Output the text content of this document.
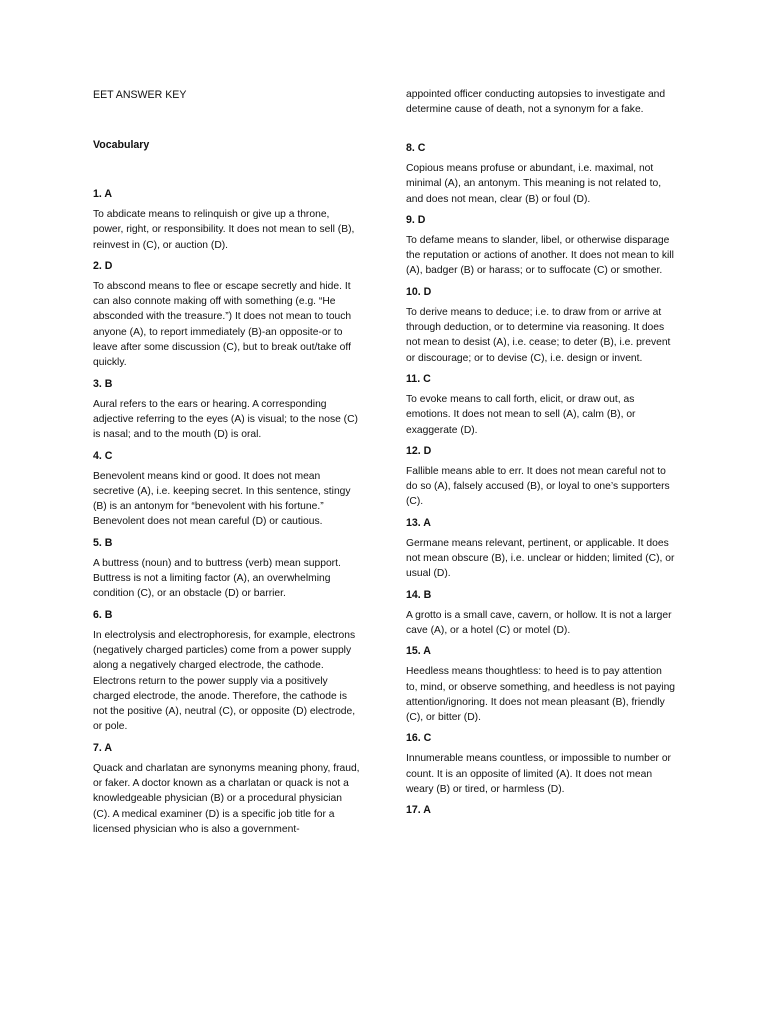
EET ANSWER KEY
Vocabulary

1. A

To abdicate means to relinquish or give up a throne, power, right, or responsibility. It does not mean to sell (B), reinvest in (C), or auction (D).

2. D

To abscond means to flee or escape secretly and hide. It can also connote making off with something (e.g. “He absconded with the treasure.”) It does not mean to touch anyone (A), to report immediately (B)-an opposite-or to leave after some discussion (C), but to break out/take off quickly.

3. B

Aural refers to the ears or hearing. A corresponding adjective referring to the eyes (A) is visual; to the nose (C) is nasal; and to the mouth (D) is oral.

4. C

Benevolent means kind or good. It does not mean secretive (A), i.e. keeping secret. In this sentence, stingy (B) is an antonym for “benevolent with his fortune.” Benevolent does not mean careful (D) or cautious.

5. B

A buttress (noun) and to buttress (verb) mean support. Buttress is not a limiting factor (A), an overwhelming condition (C), or an obstacle (D) or barrier.

6. B

In electrolysis and electrophoresis, for example, electrons (negatively charged particles) come from a power supply along a negatively charged electrode, the cathode. Electrons return to the power supply via a positively charged electrode, the anode. Therefore, the cathode is not the positive (A), neutral (C), or opposite (D) electrode, or pole.

7. A

Quack and charlatan are synonyms meaning phony, fraud, or faker. A doctor known as a charlatan or quack is not a knowledgeable physician (B) or a procedural physician (C). A medical examiner (D) is a specific job title for a licensed physician who is also a government-

appointed officer conducting autopsies to investigate and determine cause of death, not a synonym for a fake.

8. C

Copious means profuse or abundant, i.e. maximal, not minimal (A), an antonym. This meaning is not related to, and does not mean, clear (B) or foul (D).

9. D

To defame means to slander, libel, or otherwise disparage the reputation or actions of another. It does not mean to kill (A), badger (B) or harass; or to suffocate (C) or smother.

10. D

To derive means to deduce; i.e. to draw from or arrive at through deduction, or to determine via reasoning. It does not mean to desist (A), i.e. cease; to deter (B), i.e. prevent or discourage; or to devise (C), i.e. design or invent.

11. C

To evoke means to call forth, elicit, or draw out, as emotions. It does not mean to sell (A), calm (B), or exaggerate (D).

12. D

Fallible means able to err. It does not mean careful not to do so (A), falsely accused (B), or loyal to one’s supporters (C).

13. A

Germane means relevant, pertinent, or applicable. It does not mean obscure (B), i.e. unclear or hidden; limited (C), or usual (D).

14. B

A grotto is a small cave, cavern, or hollow. It is not a larger cave (A), or a hotel (C) or motel (D).

15. A

Heedless means thoughtless: to heed is to pay attention to, mind, or observe something, and heedless is not paying attention/ignoring. It does not mean pleasant (B), friendly (C), or bitter (D).

16. C

Innumerable means countless, or impossible to number or count. It is an opposite of limited (A). It does not mean weary (B) or tired, or harmless (D).

17. A
